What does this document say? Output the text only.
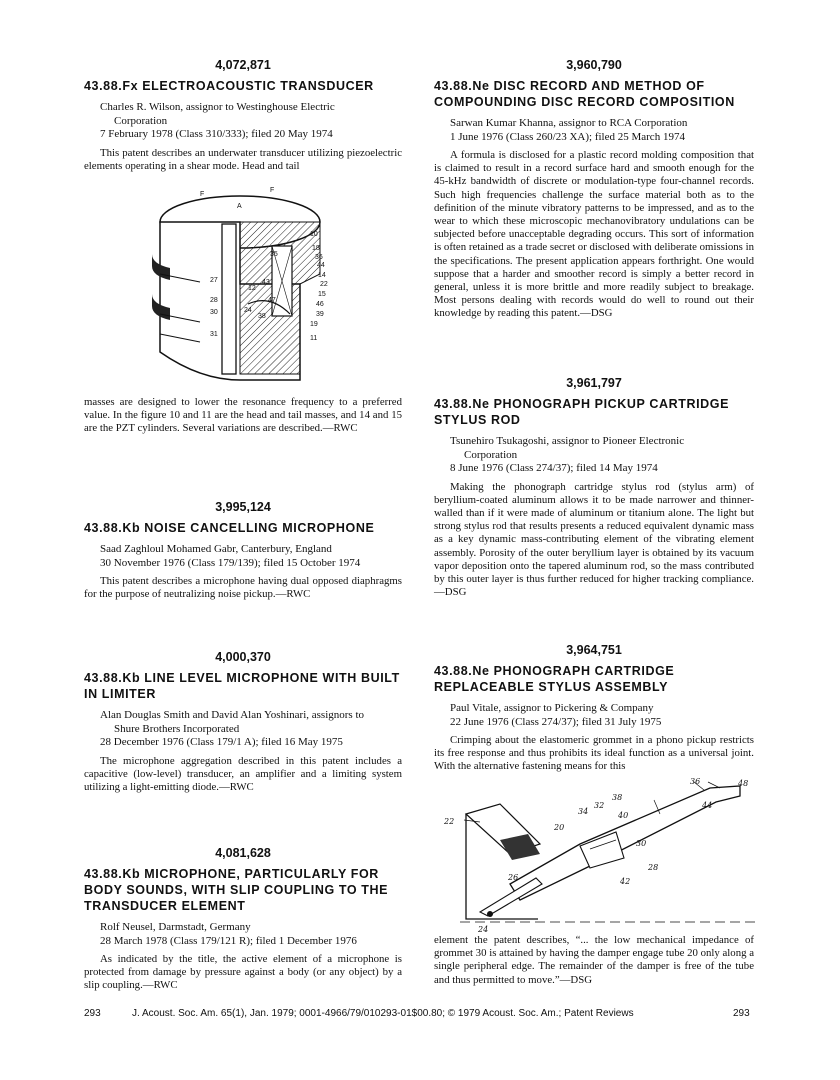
4,072,871
43.88.Fx ELECTROACOUSTIC TRANSDUCER
Charles R. Wilson, assignor to Westinghouse Electric
Corporation
7 February 1978 (Class 310/333); filed 20 May 1974

This patent describes an underwater transducer utilizing piezoelectric elements operating in a shear mode. Head and tail

F
F
A
10
18
36
44
14
22
15
46
39
19
11
35
43
12
47
24
38
27
28
30
31

masses are designed to lower the resonance frequency to a preferred value. In the figure 10 and 11 are the head and tail masses, and 14 and 15 are the PZT cylinders. Several variations are described.—RWC

3,995,124
43.88.Kb NOISE CANCELLING MICROPHONE
Saad Zaghloul Mohamed Gabr, Canterbury, England
30 November 1976 (Class 179/139); filed 15 October 1974

This patent describes a microphone having dual opposed diaphragms for the purpose of neutralizing noise pickup.—RWC

4,000,370
43.88.Kb LINE LEVEL MICROPHONE WITH BUILT IN LIMITER
Alan Douglas Smith and David Alan Yoshinari, assignors to
Shure Brothers Incorporated
28 December 1976 (Class 179/1 A); filed 16 May 1975

The microphone aggregation described in this patent includes a capacitive (low-level) transducer, an amplifier and a limiting system utilizing a light-emitting diode.—RWC

4,081,628
43.88.Kb MICROPHONE, PARTICULARLY FOR BODY SOUNDS, WITH SLIP COUPLING TO THE TRANSDUCER ELEMENT
Rolf Neusel, Darmstadt, Germany
28 March 1978 (Class 179/121 R); filed 1 December 1976

As indicated by the title, the active element of a microphone is protected from damage by pressure against a body (or any object) by a slip coupling.—RWC

3,960,790
43.88.Ne DISC RECORD AND METHOD OF COMPOUNDING DISC RECORD COMPOSITION
Sarwan Kumar Khanna, assignor to RCA Corporation
1 June 1976 (Class 260/23 XA); filed 25 March 1974

A formula is disclosed for a plastic record molding composition that is claimed to result in a record surface hard and smooth enough for the 45-kHz bandwidth of discrete or modulation-type four-channel records. Such high frequencies challenge the surface material both as to the definition of the minute vibratory patterns to be impressed, and as to the wear to which these microscopic mechanovibratory undulations can be subjected before unacceptable degrading occurs. This sort of information is often retained as a trade secret or disclosed with deliberate omissions in the specifications. The present application appears forthright. One would suppose that a harder and smoother record is simply a better record in general, unless it is more brittle and more readily subject to breakage. Most persons dealing with records would do well to round out their knowledge by reading this patent.—DSG

3,961,797
43.88.Ne PHONOGRAPH PICKUP CARTRIDGE STYLUS ROD
Tsunehiro Tsukagoshi, assignor to Pioneer Electronic
Corporation
8 June 1976 (Class 274/37); filed 14 May 1974

Making the phonograph cartridge stylus rod (stylus arm) of beryllium-coated aluminum allows it to be made narrower and thinner-walled than if it were made of aluminum or titanium alone. The light but strong stylus rod that results presents a reduced equivalent dynamic mass as a key dynamic mass-contributing element of the vibrating element assembly. Porosity of the outer beryllium layer is obtained by its vacuum vapor deposition onto the tapered aluminum rod, so the mass contributed by this outer layer is thus further reduced for higher tracking compliance.—DSG

3,964,751
43.88.Ne PHONOGRAPH CARTRIDGE REPLACEABLE STYLUS ASSEMBLY
Paul Vitale, assignor to Pickering & Company
22 June 1976 (Class 274/37); filed 31 July 1975

Crimping about the elastomeric grommet in a phono pickup restricts its free response and thus prohibits its ideal function as a universal joint. With the alternative fastening means for this

36	48
38
32
34
44
40
22
20
30
28
26	42
24

element the patent describes, “... the low mechanical impedance of grommet 30 is attained by having the damper engage tube 20 only along a single peripheral edge. The remainder of the damper is free of the tube and thus permitted to move.”—DSG

293	J. Acoust. Soc. Am. 65(1), Jan. 1979; 0001-4966/79/010293-01$00.80; © 1979 Acoust. Soc. Am.; Patent Reviews	293
